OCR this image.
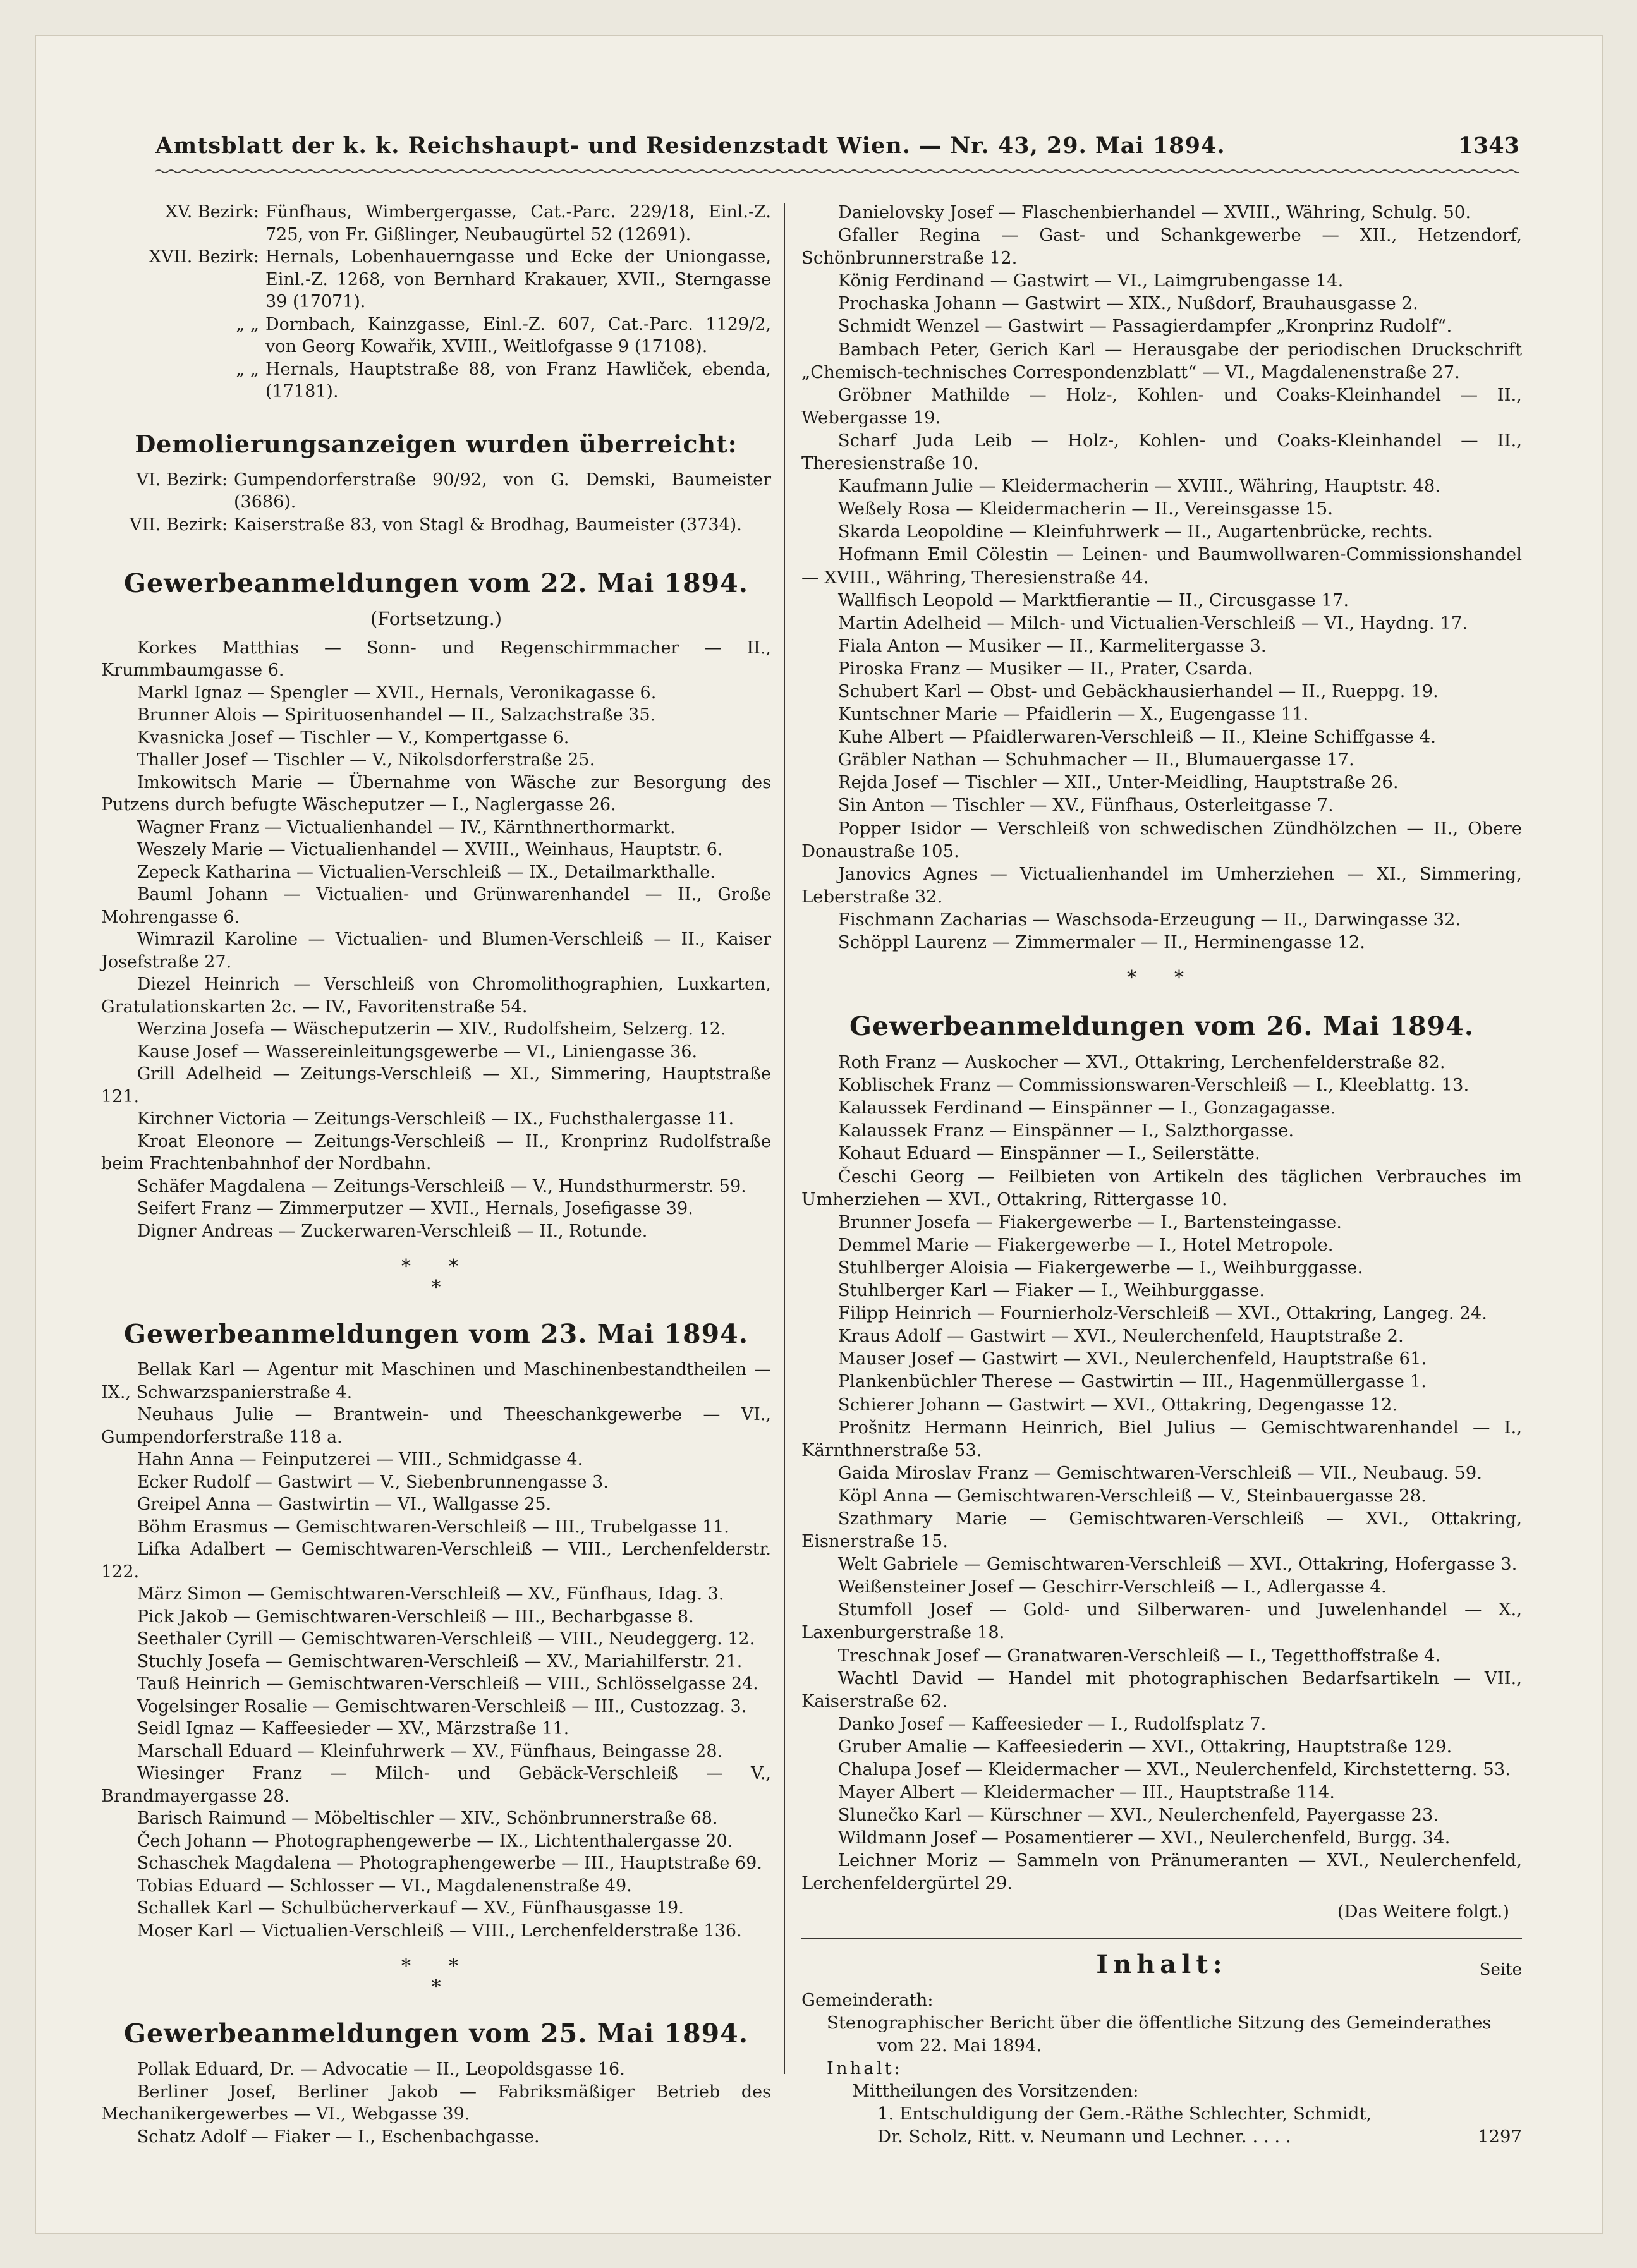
Amtsblatt der k. k. Reichshaupt- und Residenzstadt Wien. — Nr. 43, 29. Mai 1894.	1343
XV. Bezirk: Fünfhaus, Wimbergergasse, Cat.-Parc. 229/18, Einl.-Z. 725, von Fr. Gißlinger, Neubaugürtel 52 (12691).
XVII. Bezirk: Hernals, Lobenhauerngasse und Ecke der Uniongasse, Einl.-Z. 1268, von Bernhard Krakauer, XVII., Sterngasse 39 (17071).
„ „ Dornbach, Kainzgasse, Einl.-Z. 607, Cat.-Parc. 1129/2, von Georg Kowařik, XVIII., Weitlofgasse 9 (17108).
„ „ Hernals, Hauptstraße 88, von Franz Hawliček, ebenda, (17181).
Demolierungsanzeigen wurden überreicht:
VI. Bezirk: Gumpendorferstraße 90/92, von G. Demski, Baumeister (3686).
VII. Bezirk: Kaiserstraße 83, von Stagl & Brodhag, Baumeister (3734).
Gewerbeanmeldungen vom 22. Mai 1894.
(Fortsetzung.)

Korkes Matthias — Sonn- und Regenschirmmacher — II., Krummbaumgasse 6.

Markl Ignaz — Spengler — XVII., Hernals, Veronikagasse 6.

Brunner Alois — Spirituosenhandel — II., Salzachstraße 35.

Kvasnicka Josef — Tischler — V., Kompertgasse 6.

Thaller Josef — Tischler — V., Nikolsdorferstraße 25.

Imkowitsch Marie — Übernahme von Wäsche zur Besorgung des Putzens durch befugte Wäscheputzer — I., Naglergasse 26.

Wagner Franz — Victualienhandel — IV., Kärnthnerthormarkt.

Weszely Marie — Victualienhandel — XVIII., Weinhaus, Hauptstr. 6.

Zepeck Katharina — Victualien-Verschleiß — IX., Detailmarkthalle.

Bauml Johann — Victualien- und Grünwarenhandel — II., Große Mohrengasse 6.

Wimrazil Karoline — Victualien- und Blumen-Verschleiß — II., Kaiser Josefstraße 27.

Diezel Heinrich — Verschleiß von Chromolithographien, Luxkarten, Gratulationskarten 2c. — IV., Favoritenstraße 54.

Werzina Josefa — Wäscheputzerin — XIV., Rudolfsheim, Selzerg. 12.

Kause Josef — Wassereinleitungsgewerbe — VI., Liniengasse 36.

Grill Adelheid — Zeitungs-Verschleiß — XI., Simmering, Hauptstraße 121.

Kirchner Victoria — Zeitungs-Verschleiß — IX., Fuchsthalergasse 11.

Kroat Eleonore — Zeitungs-Verschleiß — II., Kronprinz Rudolfstraße beim Frachtenbahnhof der Nordbahn.

Schäfer Magdalena — Zeitungs-Verschleiß — V., Hundsthurmerstr. 59.

Seifert Franz — Zimmerputzer — XVII., Hernals, Josefigasse 39.

Digner Andreas — Zuckerwaren-Verschleiß — II., Rotunde.

**
*
Gewerbeanmeldungen vom 23. Mai 1894.

Bellak Karl — Agentur mit Maschinen und Maschinenbestandtheilen — IX., Schwarzspanierstraße 4.

Neuhaus Julie — Brantwein- und Theeschankgewerbe — VI., Gumpendorferstraße 118 a.

Hahn Anna — Feinputzerei — VIII., Schmidgasse 4.

Ecker Rudolf — Gastwirt — V., Siebenbrunnengasse 3.

Greipel Anna — Gastwirtin — VI., Wallgasse 25.

Böhm Erasmus — Gemischtwaren-Verschleiß — III., Trubelgasse 11.

Lifka Adalbert — Gemischtwaren-Verschleiß — VIII., Lerchenfelderstr. 122.

März Simon — Gemischtwaren-Verschleiß — XV., Fünfhaus, Idag. 3.

Pick Jakob — Gemischtwaren-Verschleiß — III., Becharbgasse 8.

Seethaler Cyrill — Gemischtwaren-Verschleiß — VIII., Neudeggerg. 12.

Stuchly Josefa — Gemischtwaren-Verschleiß — XV., Mariahilferstr. 21.

Tauß Heinrich — Gemischtwaren-Verschleiß — VIII., Schlösselgasse 24.

Vogelsinger Rosalie — Gemischtwaren-Verschleiß — III., Custozzag. 3.

Seidl Ignaz — Kaffeesieder — XV., Märzstraße 11.

Marschall Eduard — Kleinfuhrwerk — XV., Fünfhaus, Beingasse 28.

Wiesinger Franz — Milch- und Gebäck-Verschleiß — V., Brandmayergasse 28.

Barisch Raimund — Möbeltischler — XIV., Schönbrunnerstraße 68.

Čech Johann — Photographengewerbe — IX., Lichtenthalergasse 20.

Schaschek Magdalena — Photographengewerbe — III., Hauptstraße 69.

Tobias Eduard — Schlosser — VI., Magdalenenstraße 49.

Schallek Karl — Schulbücherverkauf — XV., Fünfhausgasse 19.

Moser Karl — Victualien-Verschleiß — VIII., Lerchenfelderstraße 136.

**
*
Gewerbeanmeldungen vom 25. Mai 1894.

Pollak Eduard, Dr. — Advocatie — II., Leopoldsgasse 16.

Berliner Josef, Berliner Jakob — Fabriksmäßiger Betrieb des Mechanikergewerbes — VI., Webgasse 39.

Schatz Adolf — Fiaker — I., Eschenbachgasse.

Danielovsky Josef — Flaschenbierhandel — XVIII., Währing, Schulg. 50.

Gfaller Regina — Gast- und Schankgewerbe — XII., Hetzendorf, Schönbrunnerstraße 12.

König Ferdinand — Gastwirt — VI., Laimgrubengasse 14.

Prochaska Johann — Gastwirt — XIX., Nußdorf, Brauhausgasse 2.

Schmidt Wenzel — Gastwirt — Passagierdampfer „Kronprinz Rudolf“.

Bambach Peter, Gerich Karl — Herausgabe der periodischen Druckschrift „Chemisch-technisches Correspondenzblatt“ — VI., Magdalenenstraße 27.

Gröbner Mathilde — Holz-, Kohlen- und Coaks-Kleinhandel — II., Webergasse 19.

Scharf Juda Leib — Holz-, Kohlen- und Coaks-Kleinhandel — II., Theresienstraße 10.

Kaufmann Julie — Kleidermacherin — XVIII., Währing, Hauptstr. 48.

Weßely Rosa — Kleidermacherin — II., Vereinsgasse 15.

Skarda Leopoldine — Kleinfuhrwerk — II., Augartenbrücke, rechts.

Hofmann Emil Cölestin — Leinen- und Baumwollwaren-Commissionshandel — XVIII., Währing, Theresienstraße 44.

Wallfisch Leopold — Marktfierantie — II., Circusgasse 17.

Martin Adelheid — Milch- und Victualien-Verschleiß — VI., Haydng. 17.

Fiala Anton — Musiker — II., Karmelitergasse 3.

Piroska Franz — Musiker — II., Prater, Csarda.

Schubert Karl — Obst- und Gebäckhausierhandel — II., Rueppg. 19.

Kuntschner Marie — Pfaidlerin — X., Eugengasse 11.

Kuhe Albert — Pfaidlerwaren-Verschleiß — II., Kleine Schiffgasse 4.

Gräbler Nathan — Schuhmacher — II., Blumauergasse 17.

Rejda Josef — Tischler — XII., Unter-Meidling, Hauptstraße 26.

Sin Anton — Tischler — XV., Fünfhaus, Osterleitgasse 7.

Popper Isidor — Verschleiß von schwedischen Zündhölzchen — II., Obere Donaustraße 105.

Janovics Agnes — Victualienhandel im Umherziehen — XI., Simmering, Leberstraße 32.

Fischmann Zacharias — Waschsoda-Erzeugung — II., Darwingasse 32.

Schöppl Laurenz — Zimmermaler — II., Herminengasse 12.

**
Gewerbeanmeldungen vom 26. Mai 1894.

Roth Franz — Auskocher — XVI., Ottakring, Lerchenfelderstraße 82.

Koblischek Franz — Commissionswaren-Verschleiß — I., Kleeblattg. 13.

Kalaussek Ferdinand — Einspänner — I., Gonzagagasse.

Kalaussek Franz — Einspänner — I., Salzthorgasse.

Kohaut Eduard — Einspänner — I., Seilerstätte.

Česchi Georg — Feilbieten von Artikeln des täglichen Verbrauches im Umherziehen — XVI., Ottakring, Rittergasse 10.

Brunner Josefa — Fiakergewerbe — I., Bartensteingasse.

Demmel Marie — Fiakergewerbe — I., Hotel Metropole.

Stuhlberger Aloisia — Fiakergewerbe — I., Weihburggasse.

Stuhlberger Karl — Fiaker — I., Weihburggasse.

Filipp Heinrich — Fournierholz-Verschleiß — XVI., Ottakring, Langeg. 24.

Kraus Adolf — Gastwirt — XVI., Neulerchenfeld, Hauptstraße 2.

Mauser Josef — Gastwirt — XVI., Neulerchenfeld, Hauptstraße 61.

Plankenbüchler Therese — Gastwirtin — III., Hagenmüllergasse 1.

Schierer Johann — Gastwirt — XVI., Ottakring, Degengasse 12.

Prošnitz Hermann Heinrich, Biel Julius — Gemischtwarenhandel — I., Kärnthnerstraße 53.

Gaida Miroslav Franz — Gemischtwaren-Verschleiß — VII., Neubaug. 59.

Köpl Anna — Gemischtwaren-Verschleiß — V., Steinbauergasse 28.

Szathmary Marie — Gemischtwaren-Verschleiß — XVI., Ottakring, Eisnerstraße 15.

Welt Gabriele — Gemischtwaren-Verschleiß — XVI., Ottakring, Hofergasse 3.

Weißensteiner Josef — Geschirr-Verschleiß — I., Adlergasse 4.

Stumfoll Josef — Gold- und Silberwaren- und Juwelenhandel — X., Laxenburgerstraße 18.

Treschnak Josef — Granatwaren-Verschleiß — I., Tegetthoffstraße 4.

Wachtl David — Handel mit photographischen Bedarfsartikeln — VII., Kaiserstraße 62.

Danko Josef — Kaffeesieder — I., Rudolfsplatz 7.

Gruber Amalie — Kaffeesiederin — XVI., Ottakring, Hauptstraße 129.

Chalupa Josef — Kleidermacher — XVI., Neulerchenfeld, Kirchstetterng. 53.

Mayer Albert — Kleidermacher — III., Hauptstraße 114.

Slunečko Karl — Kürschner — XVI., Neulerchenfeld, Payergasse 23.

Wildmann Josef — Posamentierer — XVI., Neulerchenfeld, Burgg. 34.

Leichner Moriz — Sammeln von Pränumeranten — XVI., Neulerchenfeld, Lerchenfeldergürtel 29.

(Das Weitere folgt.)

Inhalt:	Seite

Gemeinderath:

Stenographischer Bericht über die öffentliche Sitzung des Gemeinderathes

vom 22. Mai 1894.

Inhalt:

Mittheilungen des Vorsitzenden:

1. Entschuldigung der Gem.-Räthe Schlechter, Schmidt,

Dr. Scholz, Ritt. v. Neumann und Lechner. . . . .	1297
